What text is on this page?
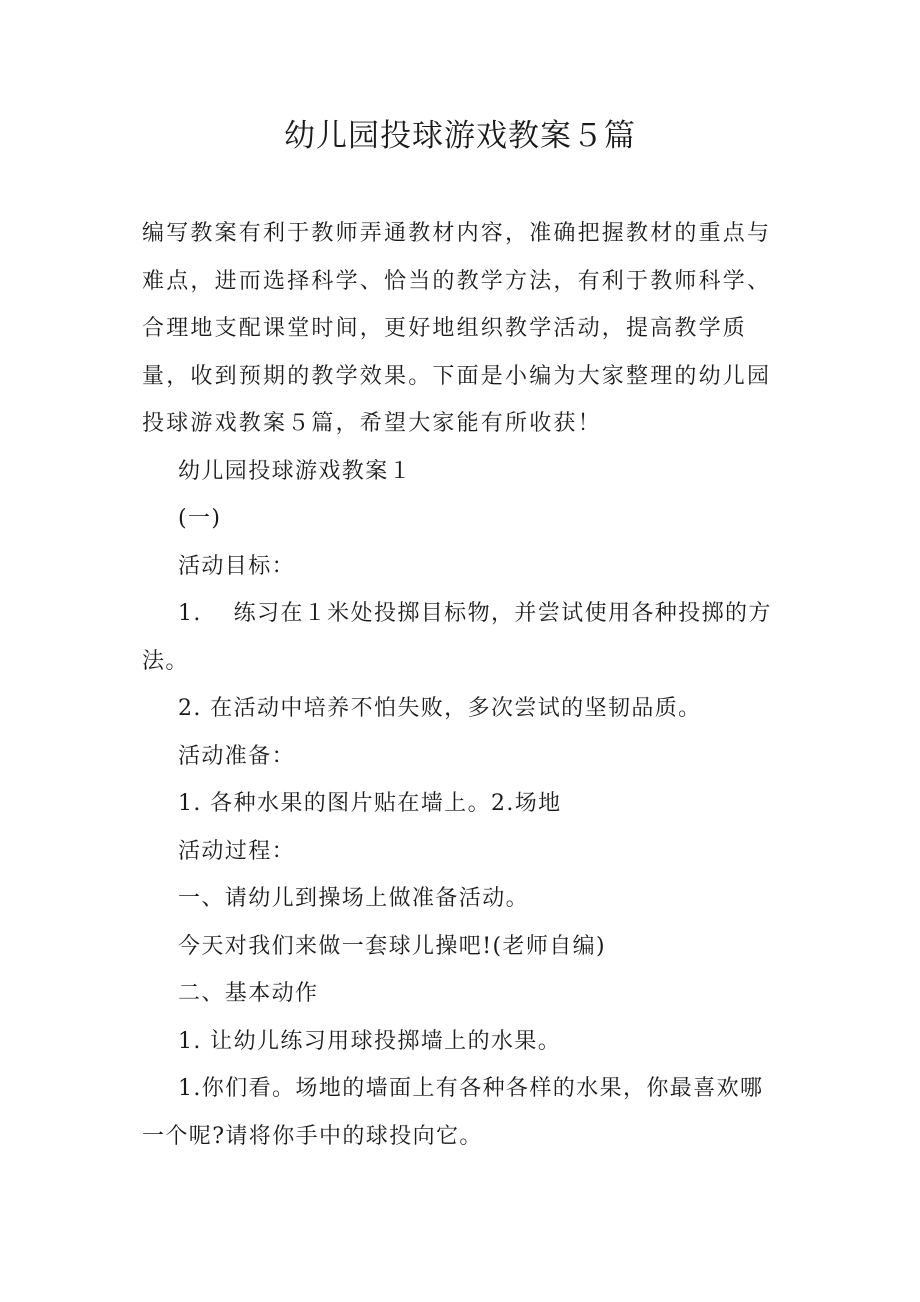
幼儿园投球游戏教案５篇

编写教案有利于教师弄通教材内容，准确把握教材的重点与难点，进而选择科学、恰当的教学方法，有利于教师科学、合理地支配课堂时间，更好地组织教学活动，提高教学质量，收到预期的教学效果。下面是小编为大家整理的幼儿园投球游戏教案５篇，希望大家能有所收获！

幼儿园投球游戏教案１

(一)

活动目标：

1.　 练习在１米处投掷目标物，并尝试使用各种投掷的方法。

2. 在活动中培养不怕失败，多次尝试的坚韧品质。

活动准备：

1. 各种水果的图片贴在墙上。2.场地

活动过程：

一、请幼儿到操场上做准备活动。

今天对我们来做一套球儿操吧!(老师自编)

二、基本动作

1. 让幼儿练习用球投掷墙上的水果。

1.你们看。场地的墙面上有各种各样的水果，你最喜欢哪一个呢?请将你手中的球投向它。
